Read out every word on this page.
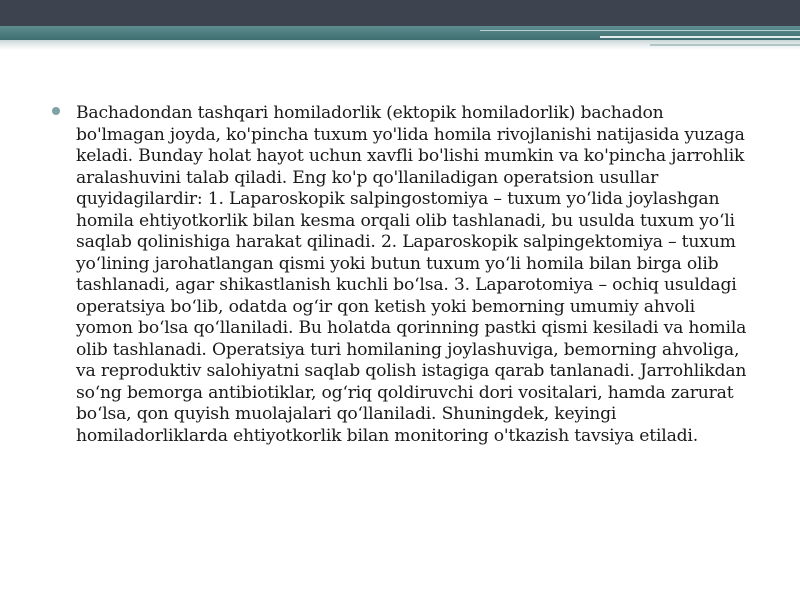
Bachadondan tashqari homiladorlik (ektopik homiladorlik) bachadon bo'lmagan joyda, ko'pincha tuxum yo'lida homila rivojlanishi natijasida yuzaga keladi. Bunday holat hayot uchun xavfli bo'lishi mumkin va ko'pincha jarrohlik aralashuvini talab qiladi. Eng ko'p qo'llaniladigan operatsion usullar quyidagilardir: 1. Laparoskopik salpingostomiya – tuxum yo‘lida joylashgan homila ehtiyotkorlik bilan kesma orqali olib tashlanadi, bu usulda tuxum yo‘li saqlab qolinishiga harakat qilinadi. 2. Laparoskopik salpingektomiya – tuxum yo‘lining jarohatlangan qismi yoki butun tuxum yo‘li homila bilan birga olib tashlanadi, agar shikastlanish kuchli bo‘lsa. 3. Laparotomiya – ochiq usuldagi operatsiya bo‘lib, odatda og‘ir qon ketish yoki bemorning umumiy ahvoli yomon bo‘lsa qo‘llaniladi. Bu holatda qorinning pastki qismi kesiladi va homila olib tashlanadi. Operatsiya turi homilaning joylashuviga, bemorning ahvoliga, va reproduktiv salohiyatni saqlab qolish istagiga qarab tanlanadi. Jarrohlikdan so‘ng bemorga antibiotiklar, og‘riq qoldiruvchi dori vositalari, hamda zarurat bo‘lsa, qon quyish muolajalari qo‘llaniladi. Shuningdek, keyingi homiladorliklarda ehtiyotkorlik bilan monitoring o'tkazish tavsiya etiladi.
